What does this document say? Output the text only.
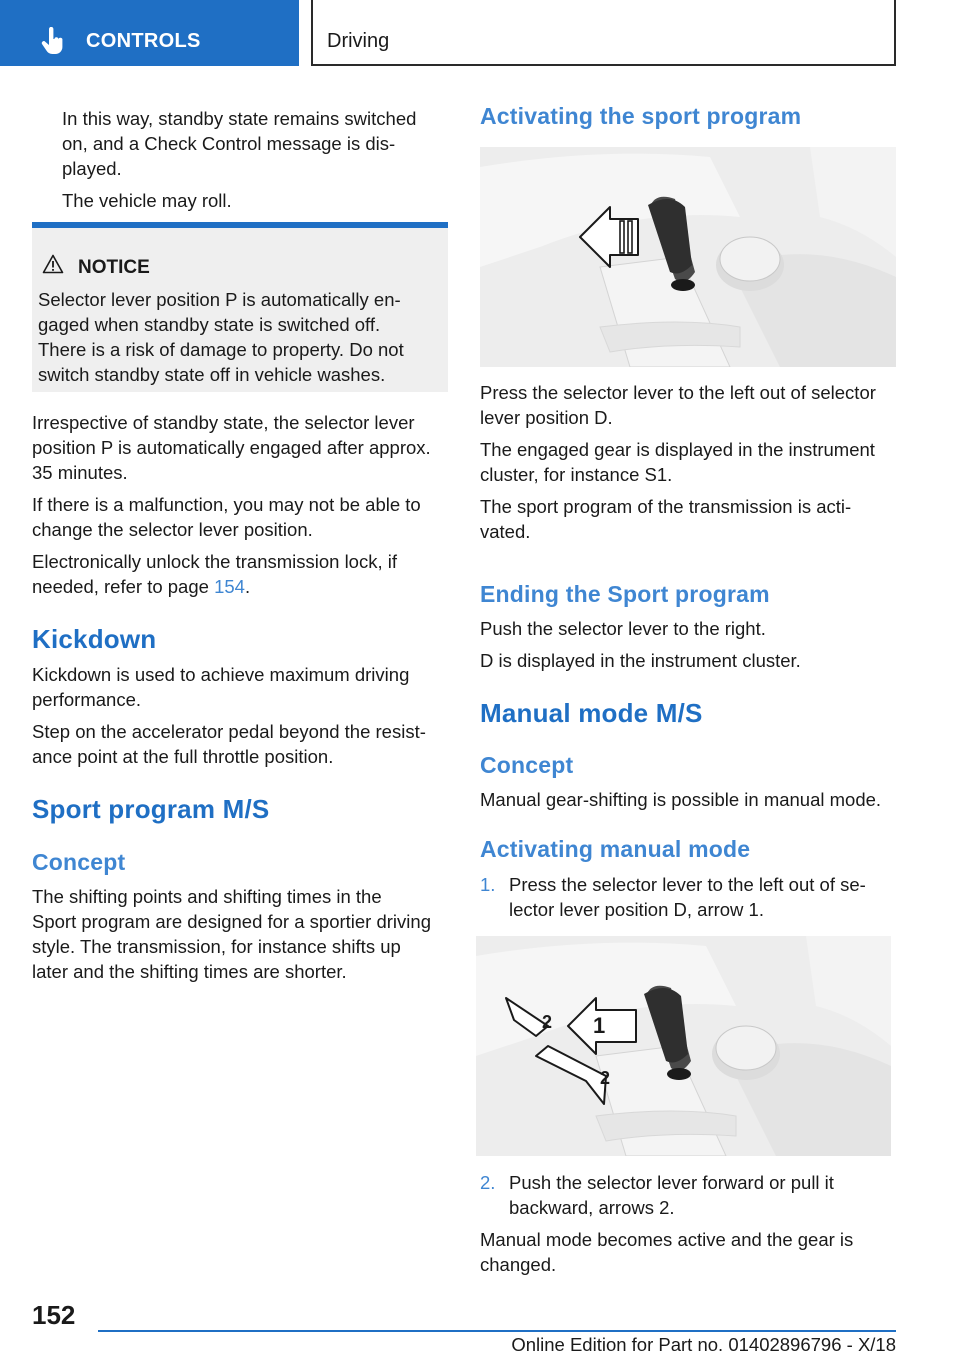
CONTROLS	Driving
In this way, standby state remains switched
on, and a Check Control message is dis-
played.
The vehicle may roll.
NOTICE
Selector lever position P is automatically en-
gaged when standby state is switched off.
There is a risk of damage to property. Do not
switch standby state off in vehicle washes.
Irrespective of standby state, the selector lever
position P is automatically engaged after approx.
35 minutes.
If there is a malfunction, you may not be able to
change the selector lever position.
Electronically unlock the transmission lock, if
needed, refer to page 154.
Kickdown
Kickdown is used to achieve maximum driving
performance.
Step on the accelerator pedal beyond the resist-
ance point at the full throttle position.
Sport program M/S
Concept
The shifting points and shifting times in the
Sport program are designed for a sportier driving
style. The transmission, for instance shifts up
later and the shifting times are shorter.
Activating the sport program
Press the selector lever to the left out of selector
lever position D.
The engaged gear is displayed in the instrument
cluster, for instance S1.
The sport program of the transmission is acti-
vated.
Ending the Sport program
Push the selector lever to the right.
D is displayed in the instrument cluster.
Manual mode M/S
Concept
Manual gear-shifting is possible in manual mode.
Activating manual mode
1. Press the selector lever to the left out of se-
lector lever position D, arrow 1.
1
2
2
2. Push the selector lever forward or pull it
backward, arrows 2.
Manual mode becomes active and the gear is
changed.
152
Online Edition for Part no. 01402896796 - X/18
